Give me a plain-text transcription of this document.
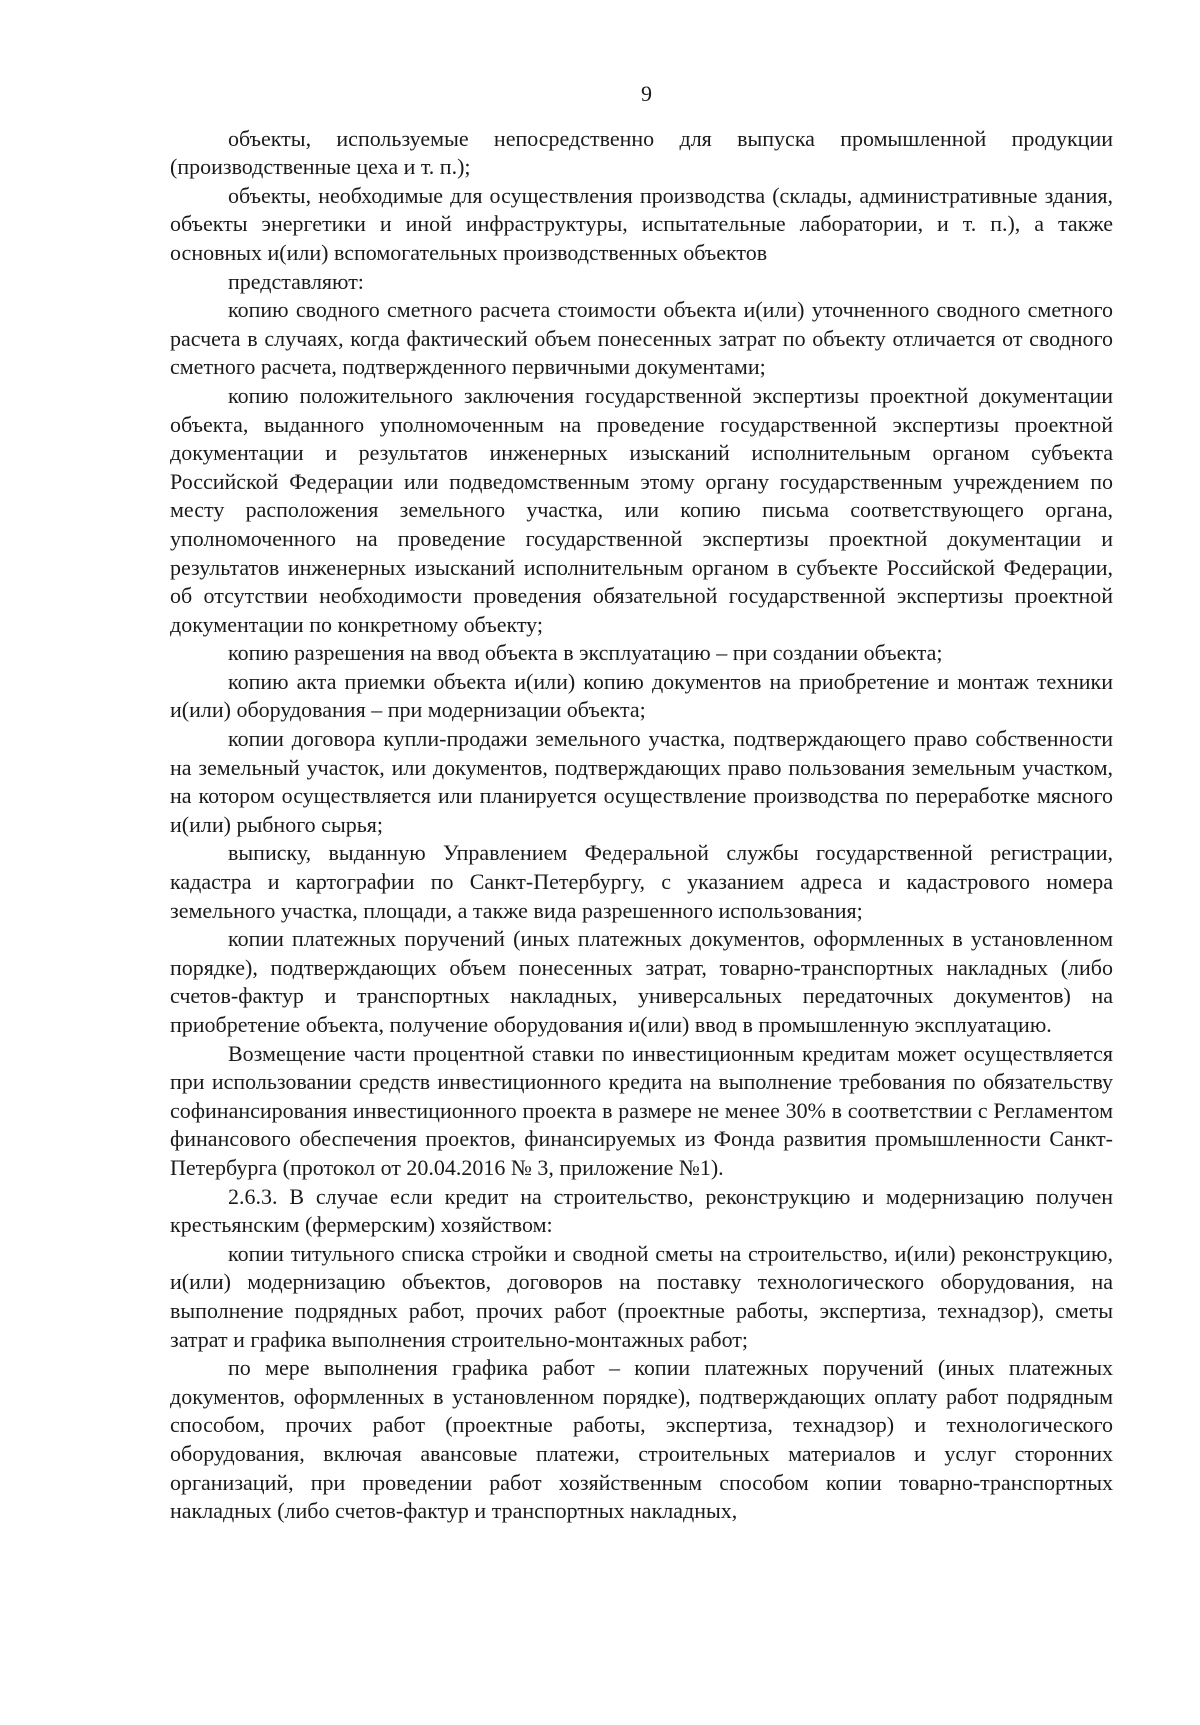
9

объекты, используемые непосредственно для выпуска промышленной продукции (производственные цеха и т. п.);

объекты, необходимые для осуществления производства (склады, административные здания, объекты энергетики и иной инфраструктуры, испытательные лаборатории, и т. п.), а также основных и(или) вспомогательных производственных объектов

представляют:

копию сводного сметного расчета стоимости объекта и(или) уточненного сводного сметного расчета в случаях, когда фактический объем понесенных затрат по объекту отличается от сводного сметного расчета, подтвержденного первичными документами;

копию положительного заключения государственной экспертизы проектной документации объекта, выданного уполномоченным на проведение государственной экспертизы проектной документации и результатов инженерных изысканий исполнительным органом субъекта Российской Федерации или подведомственным этому органу государственным учреждением по месту расположения земельного участка, или копию письма соответствующего органа, уполномоченного на проведение государственной экспертизы проектной документации и результатов инженерных изысканий исполнительным органом в субъекте Российской Федерации, об отсутствии необходимости проведения обязательной государственной экспертизы проектной документации по конкретному объекту;

копию разрешения на ввод объекта в эксплуатацию – при создании объекта;

копию акта приемки объекта и(или) копию документов на приобретение и монтаж техники и(или) оборудования – при модернизации объекта;

копии договора купли-продажи земельного участка, подтверждающего право собственности на земельный участок, или документов, подтверждающих право пользования земельным участком, на котором осуществляется или планируется осуществление производства по переработке мясного и(или) рыбного сырья;

выписку, выданную Управлением Федеральной службы государственной регистрации, кадастра и картографии по Санкт-Петербургу, с указанием адреса и кадастрового номера земельного участка, площади, а также вида разрешенного использования;

копии платежных поручений (иных платежных документов, оформленных в установленном порядке), подтверждающих объем понесенных затрат, товарно-транспортных накладных (либо счетов-фактур и транспортных накладных, универсальных передаточных документов) на приобретение объекта, получение оборудования и(или) ввод в промышленную эксплуатацию.

Возмещение части процентной ставки по инвестиционным кредитам может осуществляется при использовании средств инвестиционного кредита на выполнение требования по обязательству софинансирования инвестиционного проекта в размере не менее 30% в соответствии с Регламентом финансового обеспечения проектов, финансируемых из Фонда развития промышленности Санкт-Петербурга (протокол от 20.04.2016 № 3, приложение №1).

2.6.3. В случае если кредит на строительство, реконструкцию и модернизацию получен крестьянским (фермерским) хозяйством:

копии титульного списка стройки и сводной сметы на строительство, и(или) реконструкцию, и(или) модернизацию объектов, договоров на поставку технологического оборудования, на выполнение подрядных работ, прочих работ (проектные работы, экспертиза, технадзор), сметы затрат и графика выполнения строительно-монтажных работ;

по мере выполнения графика работ – копии платежных поручений (иных платежных документов, оформленных в установленном порядке), подтверждающих оплату работ подрядным способом, прочих работ (проектные работы, экспертиза, технадзор) и технологического оборудования, включая авансовые платежи, строительных материалов и услуг сторонних организаций, при проведении работ хозяйственным способом копии товарно-транспортных накладных (либо счетов-фактур и транспортных накладных,
